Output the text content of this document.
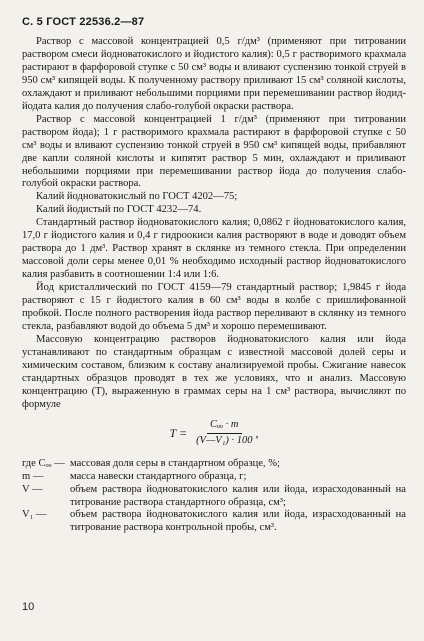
С. 5 ГОСТ 22536.2—87

Раствор с массовой концентрацией 0,5 г/дм³ (применяют при титровании раствором смеси йодноватокислого и йодистого калия): 0,5 г растворимого крахмала растирают в фарфоровой ступке с 50 см³ воды и вливают суспензию тонкой струей в 950 см³ кипящей воды. К полученному раствору приливают 15 см³ соляной кислоты, охлаждают и приливают небольшими порциями при перемешивании раствор йодид-йодата калия до получения слабо-голубой окраски раствора.

Раствор с массовой концентрацией 1 г/дм³ (применяют при титровании раствором йода); 1 г растворимого крахмала растирают в фарфоровой ступке с 50 см³ воды и вливают суспензию тонкой струей в 950 см³ кипящей воды, прибавляют две капли соляной кислоты и кипятят раствор 5 мин, охлаждают и приливают небольшими порциями при перемешивании раствор йода до получения слабо-голубой окраски раствора.

Калий йодноватокислый по ГОСТ 4202—75;

Калий йодистый по ГОСТ 4232—74.

Стандартный раствор йодноватокислого калия; 0,0862 г йодноватокислого калия, 17,0 г йодистого калия и 0,4 г гидроокиси калия растворяют в воде и доводят объем раствора до 1 дм³. Раствор хранят в склянке из темного стекла. При определении массовой доли серы менее 0,01 % необходимо исходный раствор йодноватокислого калия разбавить в соотношении 1:4 или 1:6.

Йод кристаллический по ГОСТ 4159—79 стандартный раствор; 1,9845 г йода растворяют с 15 г йодистого калия в 60 см³ воды в колбе с пришлифованной пробкой. После полного растворения йода раствор переливают в склянку из темного стекла, разбавляют водой до объема 5 дм³ и хорошо перемешивают.

Массовую концентрацию растворов йодноватокислого калия или йода устанавливают по стандартным образцам с известной массовой долей серы и химическим составом, близким к составу анализируемой пробы. Сжигание навесок стандартных образцов проводят в тех же условиях, что и анализ. Массовую концентрацию (T), выраженную в граммах серы на 1 см³ раствора, вычисляют по формуле

$T = \frac{\text{Cₒₒ · m}}{\text{(V—V₁) · 100}}$ ,
где Cₒₒ — массовая доля серы в стандартном образце, %;
m —	масса навески стандартного образца, г;
V —	объем раствора йодноватокислого калия или йода, израсходованный на титрование раствора стандартного образца, см³;
V₁ —	объем раствора йодноватокислого калия или йода, израсходованный на титрование раствора контрольной пробы, см³.
10
